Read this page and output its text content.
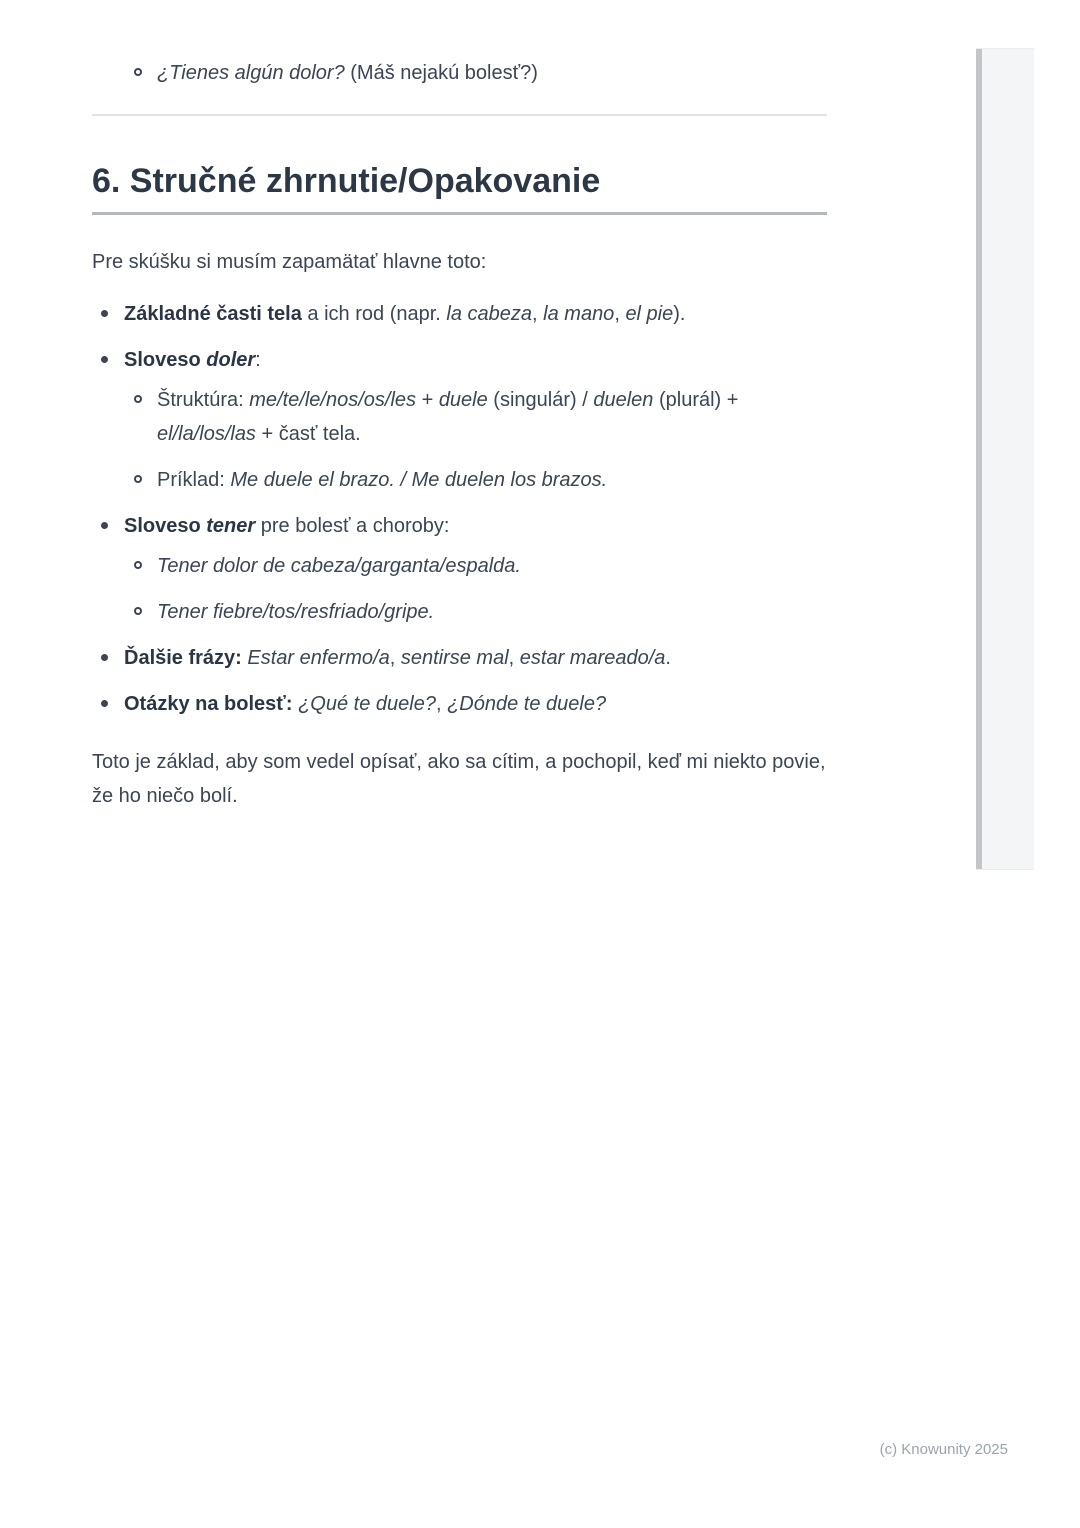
¿Tienes algún dolor? (Máš nejakú bolesť?)
6. Stručné zhrnutie/Opakovanie

Pre skúšku si musím zapamätať hlavne toto:

Základné časti tela a ich rod (napr. la cabeza, la mano, el pie).
Sloveso doler:
Štruktúra: me/te/le/nos/os/les + duele (singulár) / duelen (plurál) + el/la/los/las + časť tela.
Príklad: Me duele el brazo. / Me duelen los brazos.
Sloveso tener pre bolesť a choroby:
Tener dolor de cabeza/garganta/espalda.
Tener fiebre/tos/resfriado/gripe.
Ďalšie frázy: Estar enfermo/a, sentirse mal, estar mareado/a.
Otázky na bolesť: ¿Qué te duele?, ¿Dónde te duele?

Toto je základ, aby som vedel opísať, ako sa cítim, a pochopil, keď mi niekto povie, že ho niečo bolí.

(c) Knowunity 2025
